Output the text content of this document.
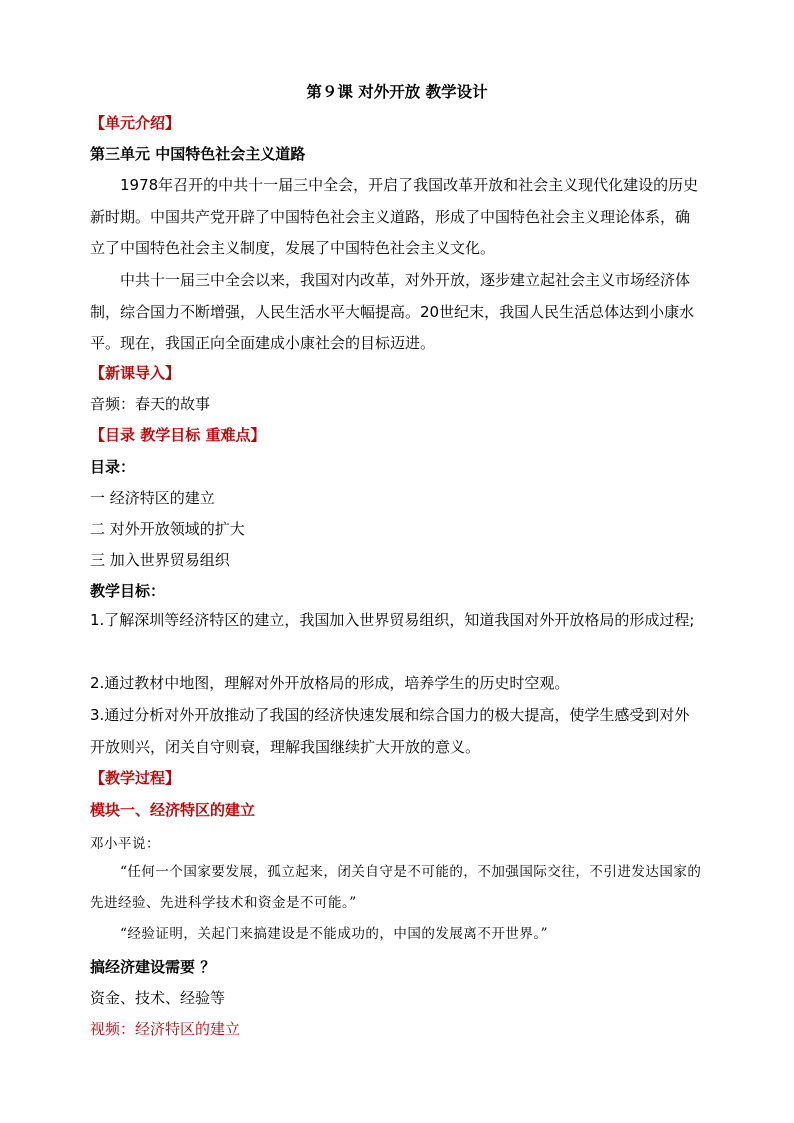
第９课 对外开放 教学设计
【单元介绍】
第三单元 中国特色社会主义道路
1978年召开的中共十一届三中全会，开启了我国改革开放和社会主义现代化建设的历史新时期。中国共产党开辟了中国特色社会主义道路，形成了中国特色社会主义理论体系，确立了中国特色社会主义制度，发展了中国特色社会主义文化。
中共十一届三中全会以来，我国对内改革，对外开放，逐步建立起社会主义市场经济体制，综合国力不断增强，人民生活水平大幅提高。20世纪末，我国人民生活总体达到小康水平。现在，我国正向全面建成小康社会的目标迈进。
【新课导入】
音频：春天的故事
【目录 教学目标 重难点】
目录：
一 经济特区的建立
二 对外开放领域的扩大
三 加入世界贸易组织
教学目标：
1.了解深圳等经济特区的建立，我国加入世界贸易组织，知道我国对外开放格局的形成过程;
2.通过教材中地图，理解对外开放格局的形成，培养学生的历史时空观。
3.通过分析对外开放推动了我国的经济快速发展和综合国力的极大提高，使学生感受到对外开放则兴，闭关自守则衰，理解我国继续扩大开放的意义。
【教学过程】
模块一、经济特区的建立
邓小平说：
“任何一个国家要发展，孤立起来，闭关自守是不可能的，不加强国际交往，不引进发达国家的先进经验、先进科学技术和资金是不可能。”
“经验证明，关起门来搞建设是不能成功的，中国的发展离不开世界。”
搞经济建设需要 ？
资金、技术、经验等
视频：经济特区的建立
